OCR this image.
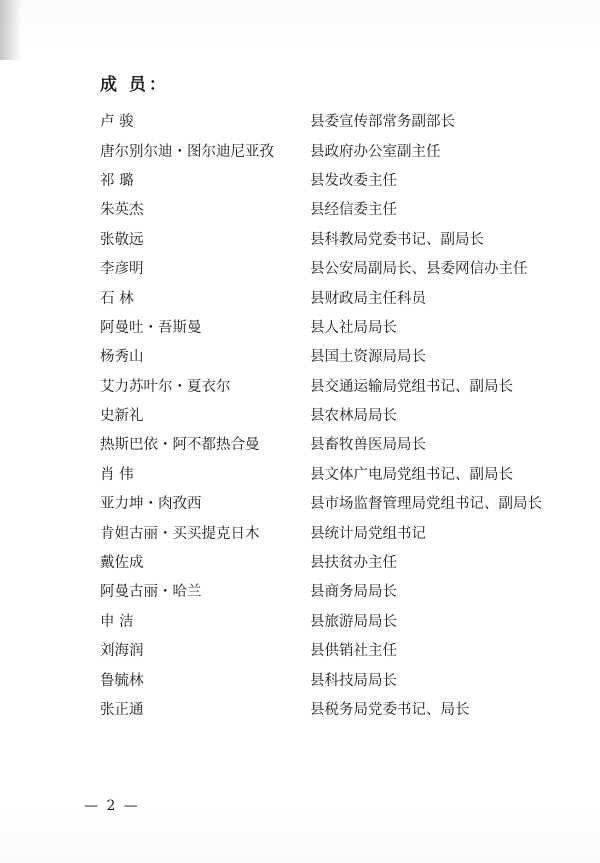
成 员：
卢 骏	县委宣传部常务副部长
唐尔别尔迪・图尔迪尼亚孜	县政府办公室副主任
祁 璐	县发改委主任
朱英杰	县经信委主任
张敬远	县科教局党委书记、副局长
李彦明	县公安局副局长、县委网信办主任
石 林	县财政局主任科员
阿曼吐・吾斯曼	县人社局局长
杨秀山	县国土资源局局长
艾力苏叶尔・夏衣尔	县交通运输局党组书记、副局长
史新礼	县农林局局长
热斯巴依・阿不都热合曼	县畜牧兽医局局长
肖 伟	县文体广电局党组书记、副局长
亚力坤・肉孜西	县市场监督管理局党组书记、副局长
肯妲古丽・买买提克日木	县统计局党组书记
戴佐成	县扶贫办主任
阿曼古丽・哈兰	县商务局局长
申 洁	县旅游局局长
刘海润	县供销社主任
鲁毓林	县科技局局长
张正通	县税务局党委书记、局长
— 2 —
